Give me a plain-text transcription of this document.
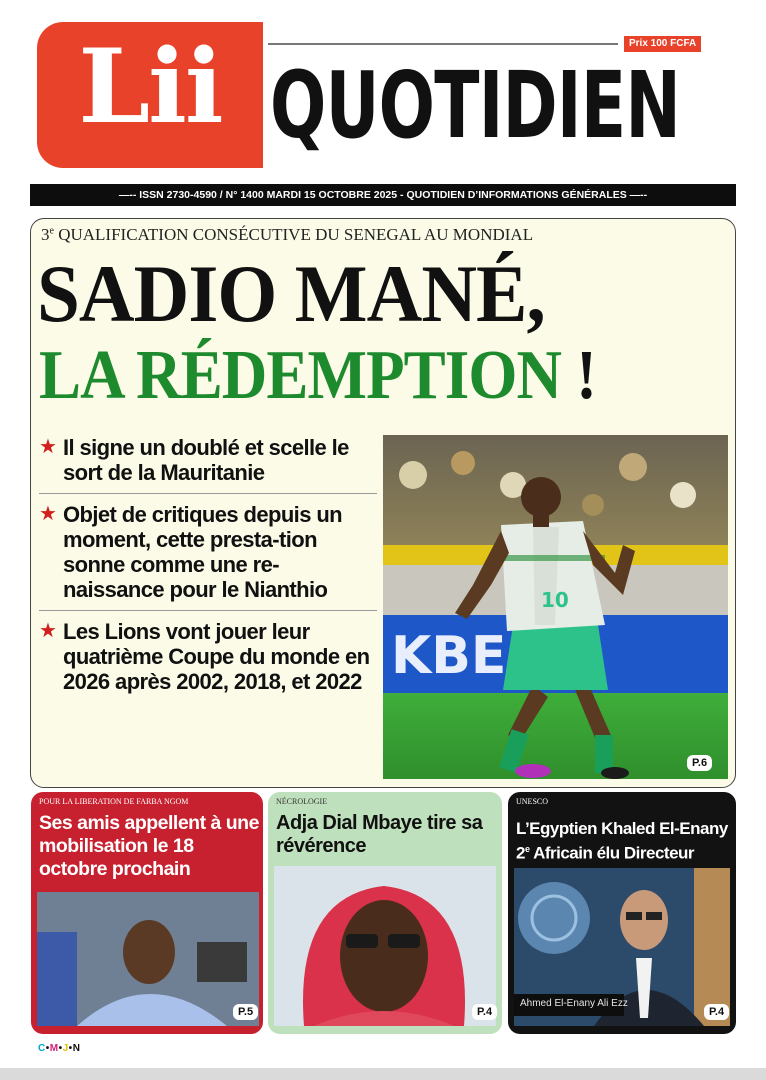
Lii	Prix 100 FCFA
QUOTIDIEN
—-- ISSN 2730-4590 / N° 1400 MARDI 15 OCTOBRE 2025 - QUOTIDIEN D’INFORMATIONS GÉNÉRALES —--
3e QUALIFICATION CONSÉCUTIVE DU SENEGAL AU MONDIAL
SADIO MANÉ,
LA RÉDEMPTION !
★ Il signe un doublé et scelle le sort de la Mauritanie
★ Objet de critiques depuis un moment, cette presta-tion sonne comme une re-naissance pour le Nianthio
★ Les Lions vont jouer leur quatrième Coupe du monde en 2026 après 2002, 2018, et 2022 KBE
10
P.6
POUR LA LIBERATION DE FARBA NGOM
Ses amis appellent à une mobilisation le 18 octobre prochain
P.5
NÉCROLOGIE
Adja Dial Mbaye tire sa révérence
P.4
UNESCO
L’Egyptien Khaled El-Enany 2e Africain élu Directeur
Ahmed El-Enany Ali Ezz
P.4
C•M•J•N
